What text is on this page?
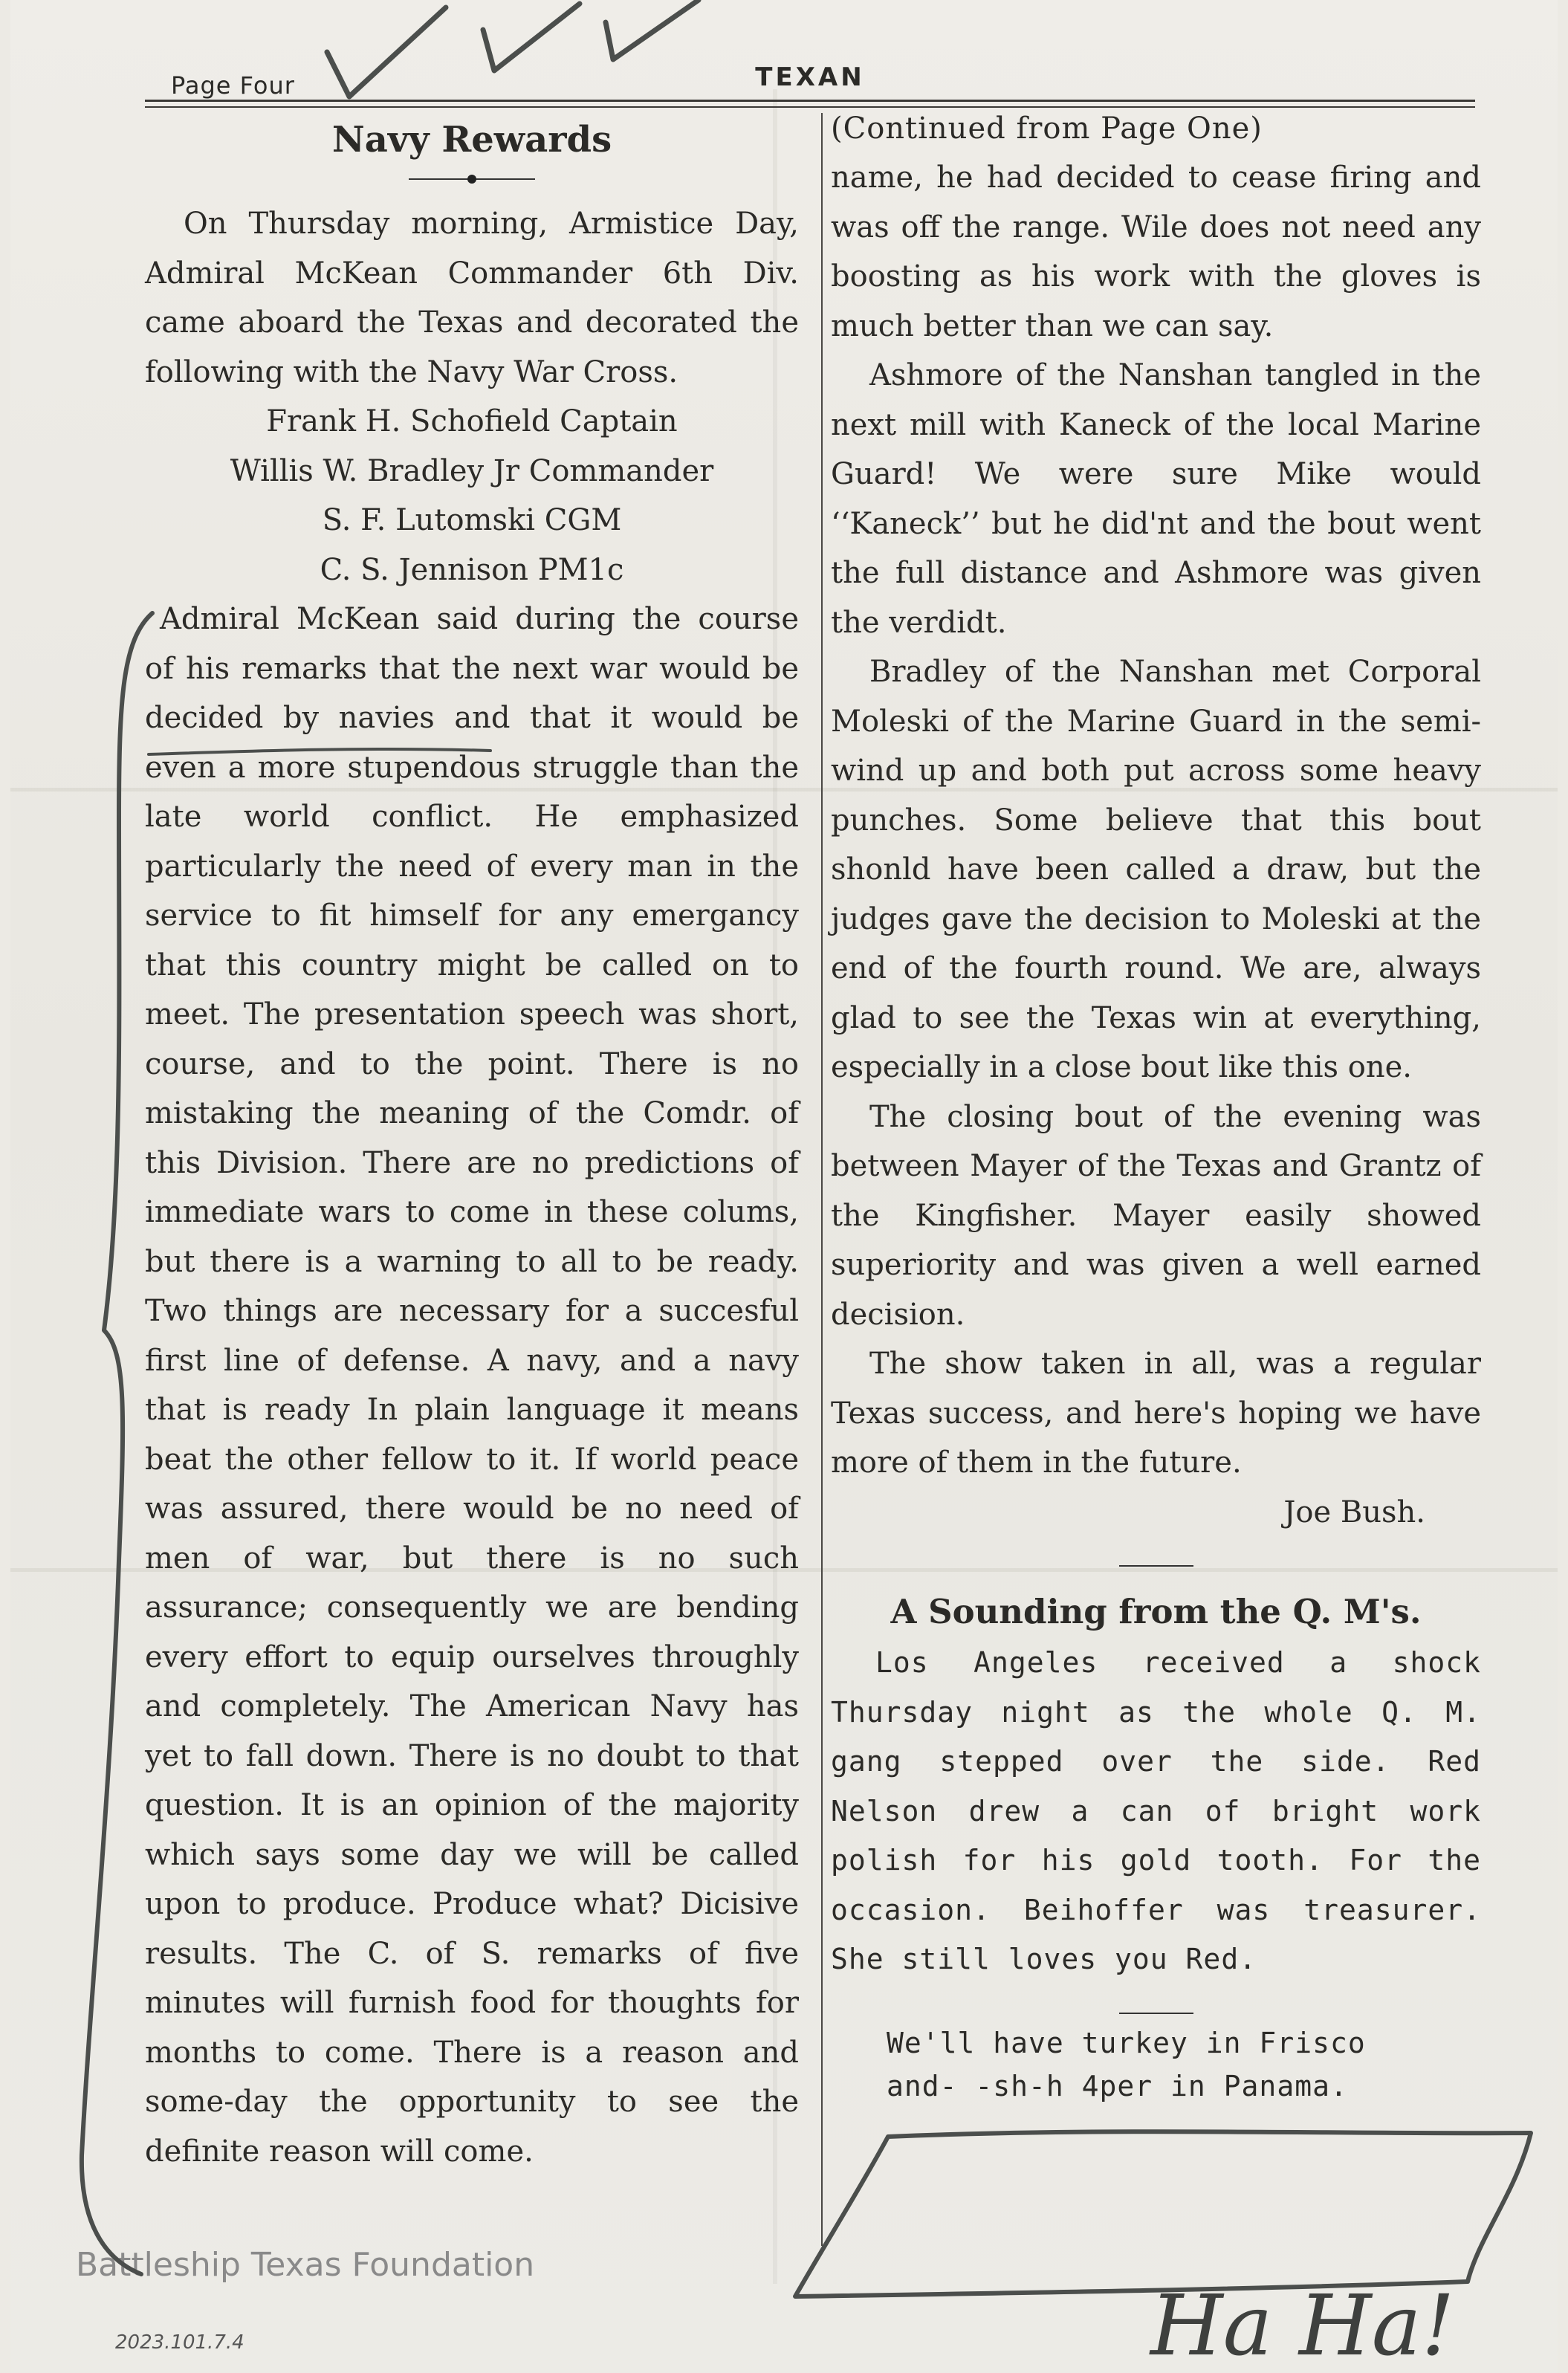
Page Four	TEXAN
Navy Rewards

On Thursday morning, Armistice Day, Admiral McKean Commander 6th Div. came aboard the Texas and decorated the following with the Navy War Cross.

Frank H. Schofield Captain

Willis W. Bradley Jr Commander

S. F. Lutomski CGM

C. S. Jennison PM1c

Admiral McKean said during the course of his remarks that the next war would be decided by navies and that it would be even a more stupendous struggle than the late world conflict. He emphasized particularly the need of every man in the service to fit himself for any emergancy that this country might be called on to meet. The presentation speech was short, course, and to the point. There is no mistaking the meaning of the Comdr. of this Division. There are no predictions of immediate wars to come in these colums, but there is a warning to all to be ready. Two things are necessary for a succesful first line of defense. A navy, and a navy that is ready In plain language it means beat the other fellow to it. If world peace was assured, there would be no need of men of war, but there is no such assurance; consequently we are bending every effort to equip ourselves throughly and completely. The American Navy has yet to fall down. There is no doubt to that question. It is an opinion of the majority which says some day we will be called upon to produce. Produce what? Dicisive results. The C. of S. remarks of five minutes will furnish food for thoughts for months to come. There is a reason and some-day the opportunity to see the definite reason will come.

(Continued from Page One)

name, he had decided to cease firing and was off the range. Wile does not need any boosting as his work with the gloves is much better than we can say.

Ashmore of the Nanshan tangled in the next mill with Kaneck of the local Marine Guard! We were sure Mike would ‘‘Kaneck’’ but he did'nt and the bout went the full distance and Ashmore was given the verdidt.

Bradley of the Nanshan met Corporal Moleski of the Marine Guard in the semi-wind up and both put across some heavy punches. Some believe that this bout shonld have been called a draw, but the judges gave the decision to Moleski at the end of the fourth round. We are, always glad to see the Texas win at everything, especially in a close bout like this one.

The closing bout of the evening was between Mayer of the Texas and Grantz of the Kingfisher. Mayer easily showed superiority and was given a well earned decision.

The show taken in all, was a regular Texas success, and here's hoping we have more of them in the future.

Joe Bush.

A Sounding from the Q. M's.

Los Angeles received a shock Thursday night as the whole Q. M. gang stepped over the side. Red Nelson drew a can of bright work polish for his gold tooth. For the occasion. Beihoffer was treasurer. She still loves you Red.

We'll have turkey in Frisco
and- -sh-h 4per in Panama.
Battleship Texas Foundation
2023.101.7.4	Ha Ha!
